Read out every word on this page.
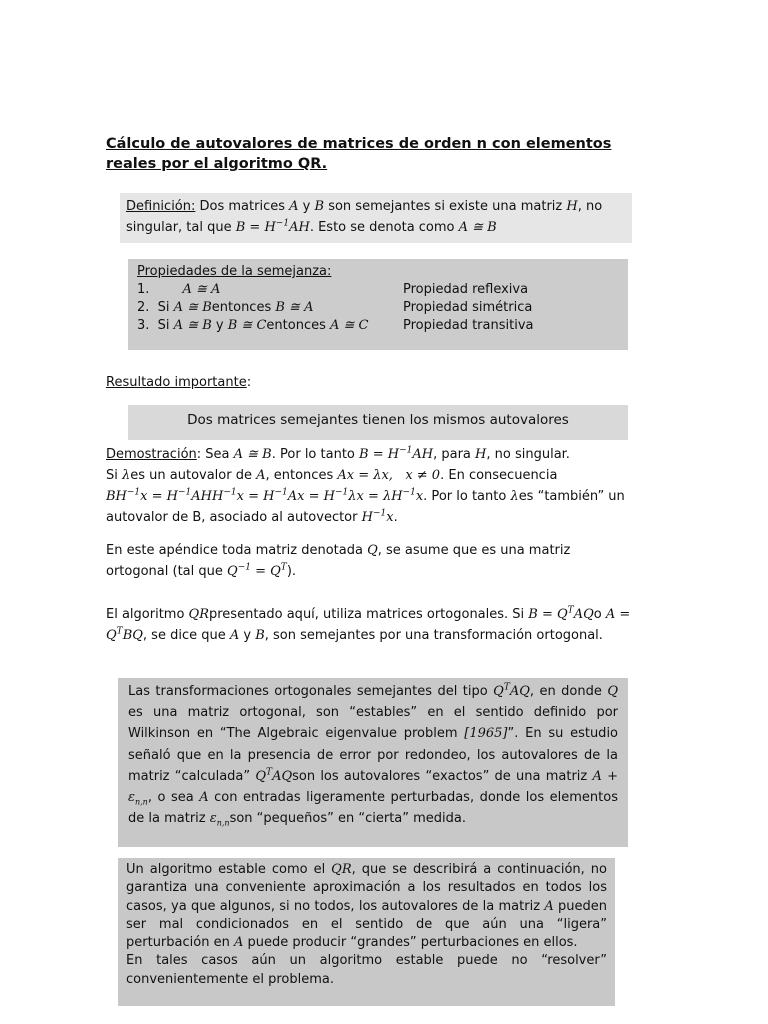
Cálculo de autovalores de matrices de orden n con elementos reales por el algoritmo QR.
Definición: Dos matrices A y B son semejantes si existe una matriz H, no singular, tal que $B = H^{-1}AH$. Esto se denota como A ≅ B
Propiedades de la semejanza:
1.	A ≅ A	Propiedad reflexiva
2. Si A ≅ Bentonces B ≅ A	Propiedad simétrica
3. Si A ≅ B y B ≅ Centonces A ≅ C	Propiedad transitiva
Resultado importante:
Dos matrices semejantes tienen los mismos autovalores
Demostración: Sea A ≅ B. Por lo tanto $B = H^{-1}AH$, para H, no singular.
Si λes un autovalor de A, entonces Ax = λx,   x ≠ 0. En consecuencia
$BH^{-1}x = H^{-1}AHH^{-1}x = H^{-1}Ax = H^{-1}\lambda x = \lambda H^{-1}x$. Por lo tanto λes “también” un autovalor de B, asociado al autovector $H^{-1}x$.
En este apéndice toda matriz denotada Q, se asume que es una matriz ortogonal (tal que $Q^{-1} = Q^T$).
El algoritmo QRpresentado aquí, utiliza matrices ortogonales. Si $B = Q^TAQo$ $A = Q^TBQ$, se dice que A y B, son semejantes por una transformación ortogonal.
Las transformaciones ortogonales semejantes del tipo $Q^TAQ$, en donde Q es una matriz ortogonal, son “estables” en el sentido definido por Wilkinson en “The Algebraic eigenvalue problem [1965]”. En su estudio señaló que en la presencia de error por redondeo, los autovalores de la matriz “calculada” $Q^TAQson$ los autovalores “exactos” de una matriz $A + \varepsilon_{n,n}$, o sea A con entradas ligeramente perturbadas, donde los elementos de la matriz $\varepsilon_{n,n}son$ “pequeños” en “cierta” medida.
Un algoritmo estable como el QR, que se describirá a continuación, no garantiza una conveniente aproximación a los resultados en todos los casos, ya que algunos, si no todos, los autovalores de la matriz A pueden ser mal condicionados en el sentido de que aún una “ligera” perturbación en A puede producir “grandes” perturbaciones en ellos.
En tales casos aún un algoritmo estable puede no “resolver” convenientemente el problema.
